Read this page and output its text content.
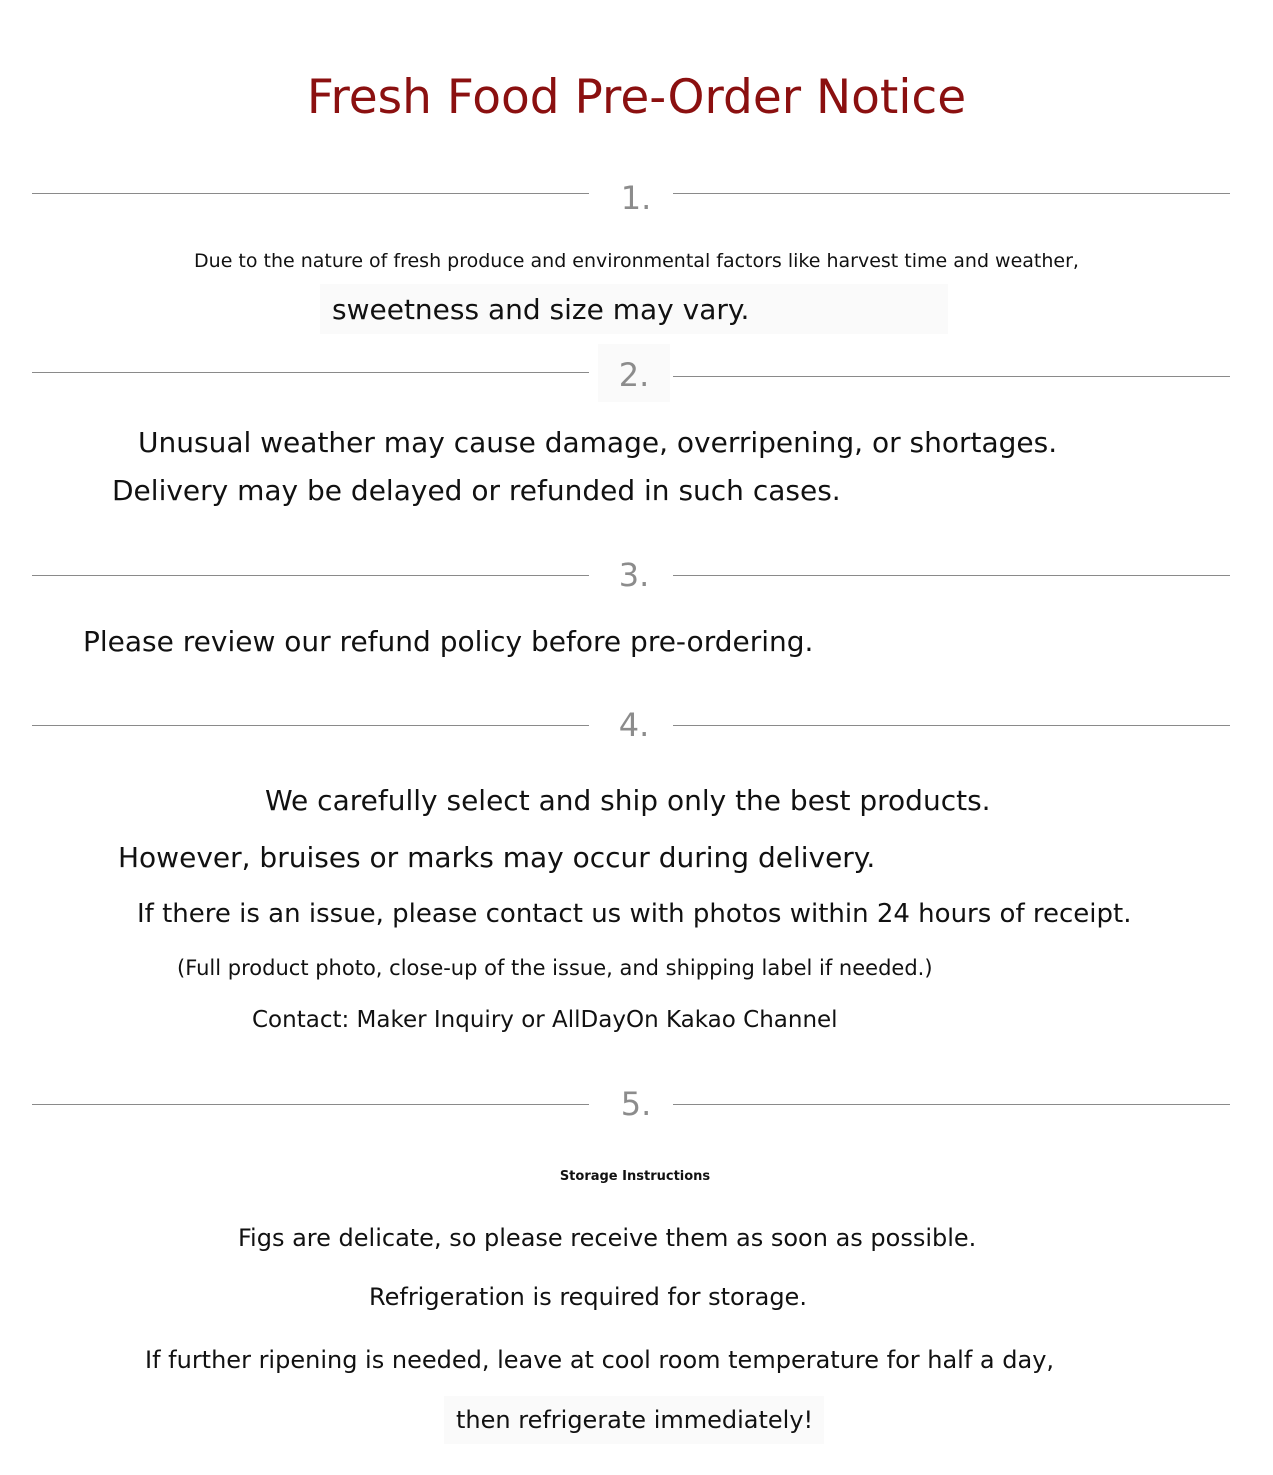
Fresh Food Pre-Order Notice
1.
Due to the nature of fresh produce and environmental factors like harvest time and weather,
sweetness and size may vary.
2.
Unusual weather may cause damage, overripening, or shortages.
Delivery may be delayed or refunded in such cases.
3.
Please review our refund policy before pre-ordering.
4.
We carefully select and ship only the best products.
However, bruises or marks may occur during delivery.
If there is an issue, please contact us with photos within 24 hours of receipt.
(Full product photo, close-up of the issue, and shipping label if needed.)
Contact: Maker Inquiry or AllDayOn Kakao Channel
5.
Storage Instructions
Figs are delicate, so please receive them as soon as possible.
Refrigeration is required for storage.
If further ripening is needed, leave at cool room temperature for half a day,
then refrigerate immediately!
